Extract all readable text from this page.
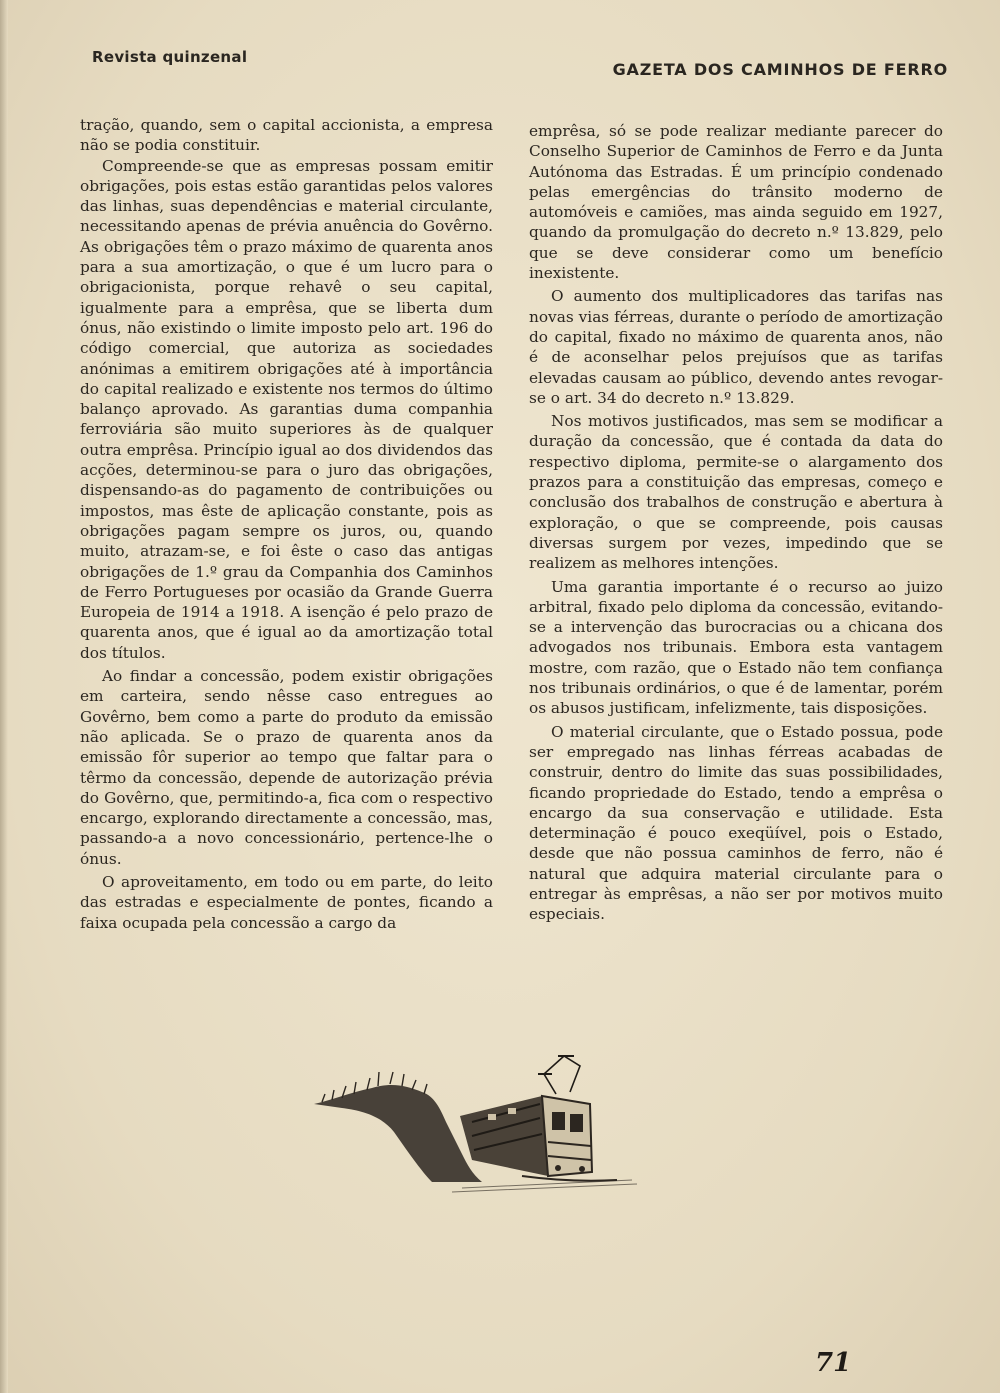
Revista quinzenal
GAZETA DOS CAMINHOS DE FERRO

tração, quando, sem o capital accionista, a empresa não se podia constituir.

Compreende-se que as empresas possam emitir obrigações, pois estas estão garantidas pelos valores das linhas, suas dependências e material circulante, necessitando apenas de prévia anuência do Govêrno. As obrigações têm o prazo máximo de quarenta anos para a sua amortização, o que é um lucro para o obrigacionista, porque rehavê o seu capital, igualmente para a emprêsa, que se liberta dum ónus, não existindo o limite imposto pelo art. 196 do código comercial, que autoriza as sociedades anónimas a emitirem obrigações até à importância do capital realizado e existente nos termos do último balanço aprovado. As garantias duma companhia ferroviária são muito superiores às de qualquer outra emprêsa. Princípio igual ao dos dividendos das acções, determinou-se para o juro das obrigações, dispensando-as do pagamento de contribuições ou impostos, mas êste de aplicação constante, pois as obrigações pagam sempre os juros, ou, quando muito, atrazam-se, e foi êste o caso das antigas obrigações de 1.º grau da Companhia dos Caminhos de Ferro Portugueses por ocasião da Grande Guerra Europeia de 1914 a 1918. A isenção é pelo prazo de quarenta anos, que é igual ao da amortização total dos títulos.

Ao findar a concessão, podem existir obrigações em carteira, sendo nêsse caso entregues ao Govêrno, bem como a parte do produto da emissão não aplicada. Se o prazo de quarenta anos da emissão fôr superior ao tempo que faltar para o têrmo da concessão, depende de autorização prévia do Govêrno, que, permitindo-a, fica com o respectivo encargo, explorando directamente a concessão, mas, passando-a a novo concessionário, pertence-lhe o ónus.

O aproveitamento, em todo ou em parte, do leito das estradas e especialmente de pontes, ficando a faixa ocupada pela concessão a cargo da

emprêsa, só se pode realizar mediante parecer do Conselho Superior de Caminhos de Ferro e da Junta Autónoma das Estradas. É um princípio condenado pelas emergências do trânsito moderno de automóveis e camiões, mas ainda seguido em 1927, quando da promulgação do decreto n.º 13.829, pelo que se deve considerar como um benefício inexistente.

O aumento dos multiplicadores das tarifas nas novas vias férreas, durante o período de amortização do capital, fixado no máximo de quarenta anos, não é de aconselhar pelos prejuísos que as tarifas elevadas causam ao público, devendo antes revogar-se o art. 34 do decreto n.º 13.829.

Nos motivos justificados, mas sem se modificar a duração da concessão, que é contada da data do respectivo diploma, permite-se o alargamento dos prazos para a constituição das empresas, começo e conclusão dos trabalhos de construção e abertura à exploração, o que se compreende, pois causas diversas surgem por vezes, impedindo que se realizem as melhores intenções.

Uma garantia importante é o recurso ao juizo arbitral, fixado pelo diploma da concessão, evitando-se a intervenção das burocracias ou a chicana dos advogados nos tribunais. Embora esta vantagem mostre, com razão, que o Estado não tem confiança nos tribunais ordinários, o que é de lamentar, porém os abusos justificam, infelizmente, tais disposições.

O material circulante, que o Estado possua, pode ser empregado nas linhas férreas acabadas de construir, dentro do limite das suas possibilidades, ficando propriedade do Estado, tendo a emprêsa o encargo da sua conservação e utilidade. Esta determinação é pouco exeqüível, pois o Estado, desde que não possua caminhos de ferro, não é natural que adquira material circulante para o entregar às emprêsas, a não ser por motivos muito especiais.

71
